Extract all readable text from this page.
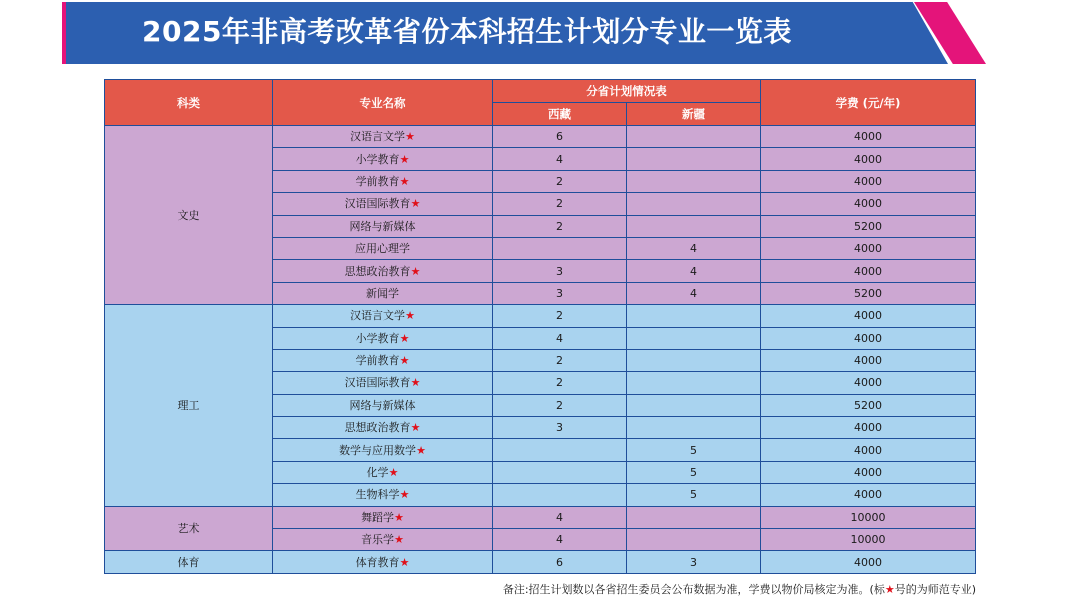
2025年非高考改革省份本科招生计划分专业一览表
科类	专业名称	分省计划情况表		学费 (元/年)
		西藏	新疆	
文史	汉语言文学★	6		4000
	小学教育★	4		4000
	学前教育★	2		4000
	汉语国际教育★	2		4000
	网络与新媒体	2		5200
	应用心理学		4	4000
	思想政治教育★	3	4	4000
	新闻学	3	4	5200
理工	汉语言文学★	2		4000
	小学教育★	4		4000
	学前教育★	2		4000
	汉语国际教育★	2		4000
	网络与新媒体	2		5200
	思想政治教育★	3		4000
	数学与应用数学★		5	4000
	化学★		5	4000
	生物科学★		5	4000
艺术	舞蹈学★	4		10000
	音乐学★	4		10000
体育	体育教育★	6	3	4000
备注:招生计划数以各省招生委员会公布数据为准，学费以物价局核定为准。(标★号的为师范专业)
